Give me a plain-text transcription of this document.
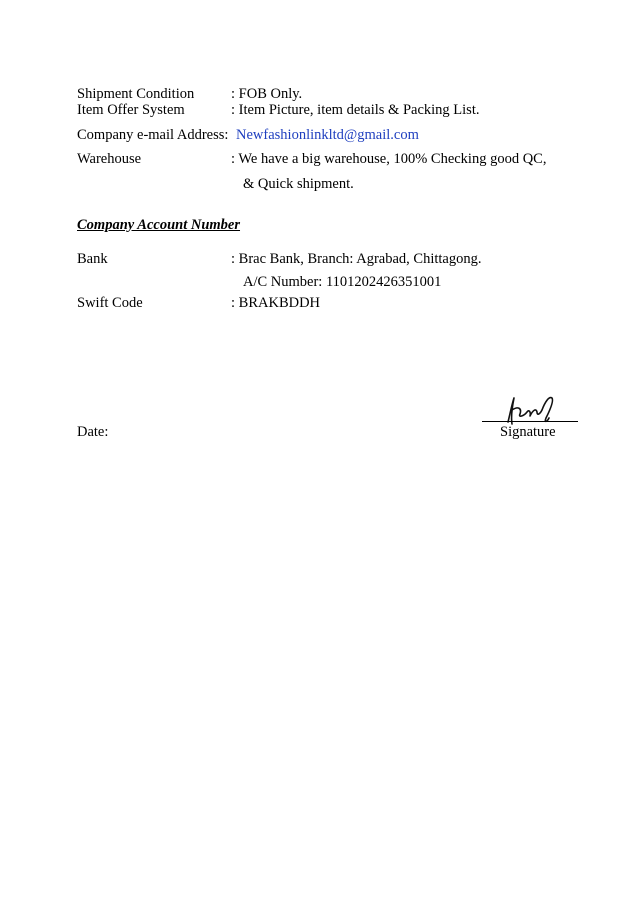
Shipment Condition	: FOB Only.
Item Offer System	: Item Picture, item details & Packing List.
Company e-mail Address: Newfashionlinkltd@gmail.com
Warehouse	: We have a big warehouse, 100% Checking good QC,
& Quick shipment.
Company Account Number
Bank	: Brac Bank, Branch: Agrabad, Chittagong.
A/C Number: 1101202426351001
Swift Code	: BRAKBDDH
Date:	Signature
